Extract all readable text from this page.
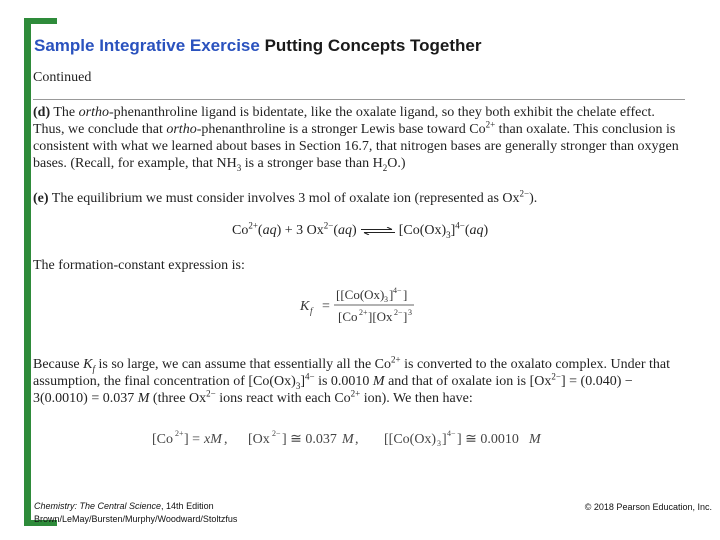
Sample Integrative Exercise Putting Concepts Together
Continued
(d) The ortho-phenanthroline ligand is bidentate, like the oxalate ligand, so they both exhibit the chelate effect. Thus, we conclude that ortho-phenanthroline is a stronger Lewis base toward $Co^{2+}$ than oxalate. This conclusion is consistent with what we learned about bases in Section 16.7, that nitrogen bases are generally stronger than oxygen bases. (Recall, for example, that $NH_3$ is a stronger base than $H_2O$.)
(e) The equilibrium we must consider involves 3 mol of oxalate ion (represented as $Ox^{2-}$).
$Co^{2+}(aq) + 3$ $Ox^{2-}(aq)$ ⇌ $[Co(Ox)_3]^{4-}(aq)$
The formation-constant expression is:
K f =
[[Co(Ox) 3 ] 4− ]
[Co 2+ ][Ox 2− ] 3
Because $K_f$ is so large, we can assume that essentially all the $Co^{2+}$ is converted to the oxalato complex. Under that assumption, the final concentration of $[Co(Ox)_3]^{4-}$ is 0.0010 M and that of oxalate ion is $[Ox^{2-}] = (0.040) - 3(0.0010) = 0.037$ M (three $Ox^{2-}$ ions react with each $Co^{2+}$ ion). We then have:
[Co 2+ ] = xM , [Ox 2− ] ≅ 0.037 M , [[Co(Ox) 3 ] 4− ] ≅ 0.0010 M
Chemistry: The Central Science, 14th Edition
Brown/LeMay/Bursten/Murphy/Woodward/Stoltzfus
© 2018 Pearson Education, Inc.
